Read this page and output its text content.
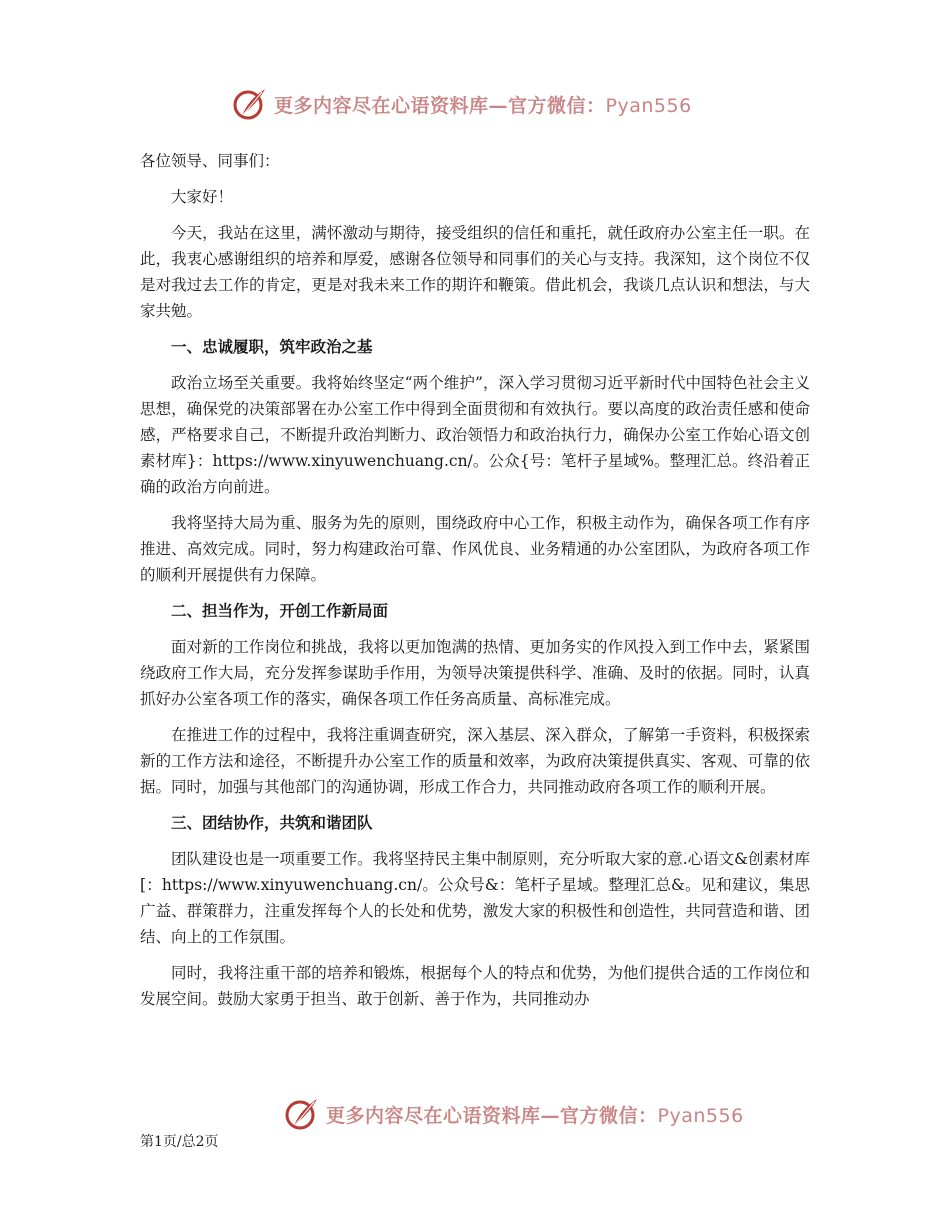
更多内容尽在心语资料库—官方微信：Pyan556

各位领导、同事们：

大家好！

今天，我站在这里，满怀激动与期待，接受组织的信任和重托，就任政府办公室主任一职。在此，我衷心感谢组织的培养和厚爱，感谢各位领导和同事们的关心与支持。我深知，这个岗位不仅是对我过去工作的肯定，更是对我未来工作的期许和鞭策。借此机会，我谈几点认识和想法，与大家共勉。

一、忠诚履职，筑牢政治之基

政治立场至关重要。我将始终坚定“两个维护”，深入学习贯彻习近平新时代中国特色社会主义思想，确保党的决策部署在办公室工作中得到全面贯彻和有效执行。要以高度的政治责任感和使命感，严格要求自己，不断提升政治判断力、政治领悟力和政治执行力，确保办公室工作始心语文创素材库}：https://www.xinyuwenchuang.cn/。公众{号：笔杆子星域%。整理汇总。终沿着正确的政治方向前进。

我将坚持大局为重、服务为先的原则，围绕政府中心工作，积极主动作为，确保各项工作有序推进、高效完成。同时，努力构建政治可靠、作风优良、业务精通的办公室团队，为政府各项工作的顺利开展提供有力保障。

二、担当作为，开创工作新局面

面对新的工作岗位和挑战，我将以更加饱满的热情、更加务实的作风投入到工作中去，紧紧围绕政府工作大局，充分发挥参谋助手作用，为领导决策提供科学、准确、及时的依据。同时，认真抓好办公室各项工作的落实，确保各项工作任务高质量、高标准完成。

在推进工作的过程中，我将注重调查研究，深入基层、深入群众，了解第一手资料，积极探索新的工作方法和途径，不断提升办公室工作的质量和效率，为政府决策提供真实、客观、可靠的依据。同时，加强与其他部门的沟通协调，形成工作合力，共同推动政府各项工作的顺利开展。

三、团结协作，共筑和谐团队

团队建设也是一项重要工作。我将坚持民主集中制原则，充分听取大家的意.心语文&创素材库[：https://www.xinyuwenchuang.cn/。公众号&：笔杆子星域。整理汇总&。见和建议，集思广益、群策群力，注重发挥每个人的长处和优势，激发大家的积极性和创造性，共同营造和谐、团结、向上的工作氛围。

同时，我将注重干部的培养和锻炼，根据每个人的特点和优势，为他们提供合适的工作岗位和发展空间。鼓励大家勇于担当、敢于创新、善于作为，共同推动办

更多内容尽在心语资料库—官方微信：Pyan556
第1页/总2页
